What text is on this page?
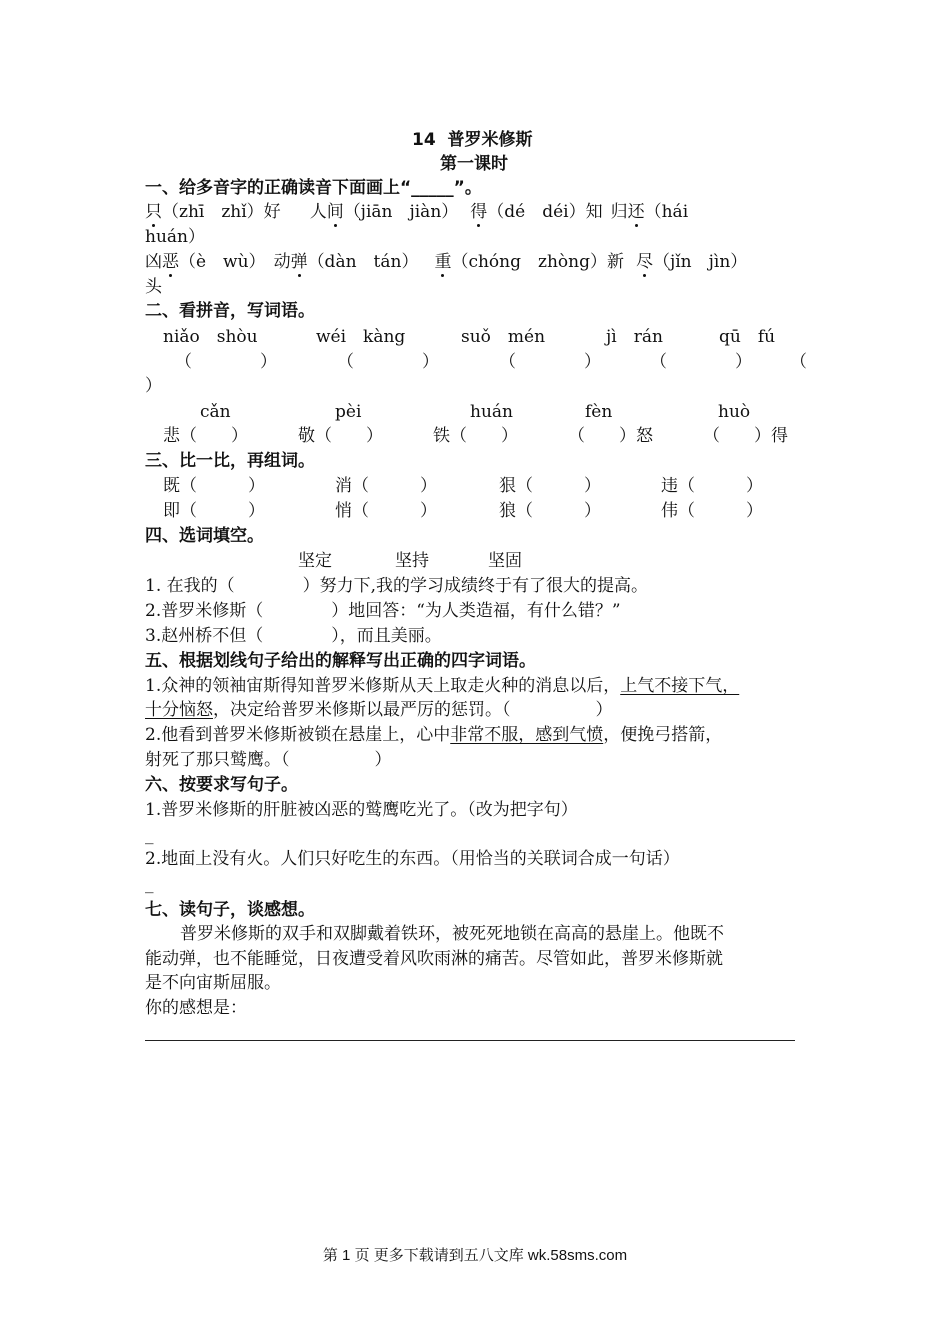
14 普罗米修斯
第一课时
一、给多音字的正确读音下面画上“_____”。
只（zhī　zhǐ）好　人间（jiān　jiàn） 得（dé　déi）知 归还（hái
huán）
凶恶（è　wù） 动弹（dàn　tán） 重（chóng　zhòng）新 尽（jǐn　jìn）
头
二、看拼音，写词语。
niǎo　shòu	wéi　kàng	suǒ　mén	jì　rán	qū　fú
（　　　　）	（　　　　）	（　　　　）	（　　　　） （
）
cǎn	pèi	huán	fèn	huò
悲（　　）	敬（　　）	铁（　　）	（　　）怒	（　　）得
三、比一比，再组词。
既（　　　）	消（　　　）	狠（　　　）	违（　　　）
即（　　　）	悄（　　　）	狼（　　　）	伟（　　　）
四、选词填空。
坚定	坚持	坚固
1. 在我的（　　　　）努力下,我的学习成绩终于有了很大的提高。
2.普罗米修斯（　　　　）地回答：“为人类造福，有什么错？”
3.赵州桥不但（　　　　），而且美丽。
五、根据划线句子给出的解释写出正确的四字词语。
1.众神的领袖宙斯得知普罗米修斯从天上取走火种的消息以后，上气不接下气，
十分恼怒，决定给普罗米修斯以最严厉的惩罚。（　　　　　）
2.他看到普罗米修斯被锁在悬崖上，心中非常不服，感到气愤，便挽弓搭箭，
射死了那只鹫鹰。（　　　　　）
六、按要求写句子。
1.普罗米修斯的肝脏被凶恶的鹫鹰吃光了。（改为把字句）
_
2.地面上没有火。人们只好吃生的东西。（用恰当的关联词合成一句话）
_
七、读句子，谈感想。
普罗米修斯的双手和双脚戴着铁环，被死死地锁在高高的悬崖上。他既不
能动弹，也不能睡觉，日夜遭受着风吹雨淋的痛苦。尽管如此，普罗米修斯就
是不向宙斯屈服。
你的感想是：
第 1 页 更多下载请到五八文库 wk.58sms.com
